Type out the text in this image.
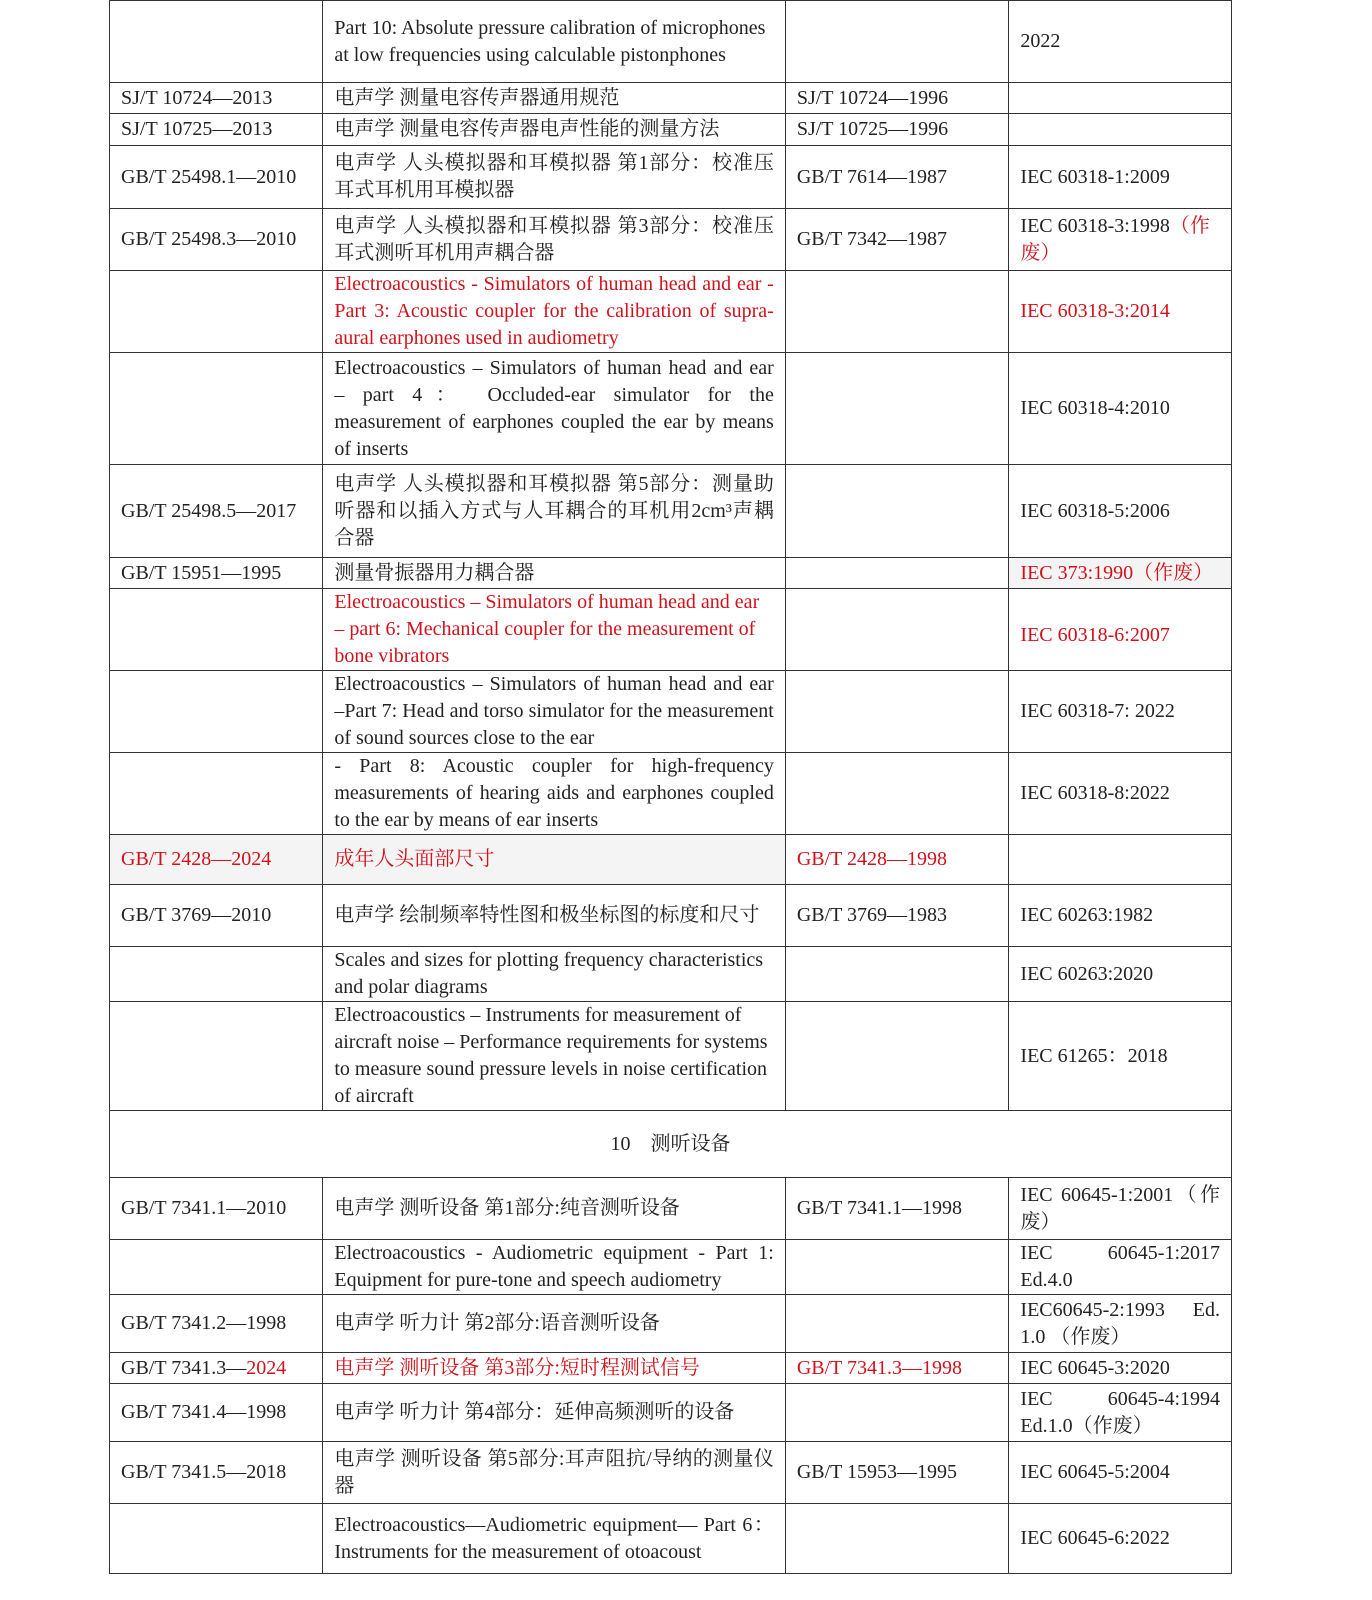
	Part 10: Absolute pressure calibration of microphones at low frequencies using calculable pistonphones		2022
SJ/T 10724—2013	电声学 测量电容传声器通用规范	SJ/T 10724—1996	
SJ/T 10725—2013	电声学 测量电容传声器电声性能的测量方法	SJ/T 10725—1996	
GB/T 25498.1—2010	电声学 人头模拟器和耳模拟器 第1部分：校准压耳式耳机用耳模拟器	GB/T 7614—1987	IEC 60318-1:2009
GB/T 25498.3—2010	电声学 人头模拟器和耳模拟器 第3部分：校准压耳式测听耳机用声耦合器	GB/T 7342—1987	IEC 60318-3:1998（作废）
	Electroacoustics - Simulators of human head and ear - Part 3: Acoustic coupler for the calibration of supra-aural earphones used in audiometry		IEC 60318-3:2014
	Electroacoustics – Simulators of human head and ear – part 4： Occluded-ear simulator for the measurement of earphones coupled the ear by means of inserts		IEC 60318-4:2010
GB/T 25498.5—2017	电声学 人头模拟器和耳模拟器 第5部分：测量助听器和以插入方式与人耳耦合的耳机用2cm³声耦合器		IEC 60318-5:2006
GB/T 15951—1995	测量骨振器用力耦合器		IEC 373:1990（作废）
	Electroacoustics – Simulators of human head and ear – part 6: Mechanical coupler for the measurement of bone vibrators		IEC 60318-6:2007
	Electroacoustics – Simulators of human head and ear –Part 7: Head and torso simulator for the measurement of sound sources close to the ear		IEC 60318-7: 2022
	- Part 8: Acoustic coupler for high-frequency measurements of hearing aids and earphones coupled to the ear by means of ear inserts		IEC 60318-8:2022
GB/T 2428—2024	成年人头面部尺寸	GB/T 2428—1998	
GB/T 3769—2010	电声学 绘制频率特性图和极坐标图的标度和尺寸	GB/T 3769—1983	IEC 60263:1982
	Scales and sizes for plotting frequency characteristics and polar diagrams		IEC 60263:2020
	Electroacoustics – Instruments for measurement of aircraft noise – Performance requirements for systems to measure sound pressure levels in noise certification of aircraft		IEC 61265：2018
10 测听设备			
GB/T 7341.1—2010	电声学 测听设备 第1部分:纯音测听设备	GB/T 7341.1—1998	IEC 60645-1:2001（作废）
	Electroacoustics - Audiometric equipment - Part 1: Equipment for pure-tone and speech audiometry		IEC 60645-1:2017 Ed.4.0
GB/T 7341.2—1998	电声学 听力计 第2部分:语音测听设备		IEC60645-2:1993 Ed. 1.0 （作废）
GB/T 7341.3—2024	电声学 测听设备 第3部分:短时程测试信号	GB/T 7341.3—1998	IEC 60645-3:2020
GB/T 7341.4—1998	电声学 听力计 第4部分：延伸高频测听的设备		IEC 60645-4:1994 Ed.1.0（作废）
GB/T 7341.5—2018	电声学 测听设备 第5部分:耳声阻抗/导纳的测量仪器	GB/T 15953—1995	IEC 60645-5:2004
	Electroacoustics—Audiometric equipment— Part 6：Instruments for the measurement of otoacoust		IEC 60645-6:2022
